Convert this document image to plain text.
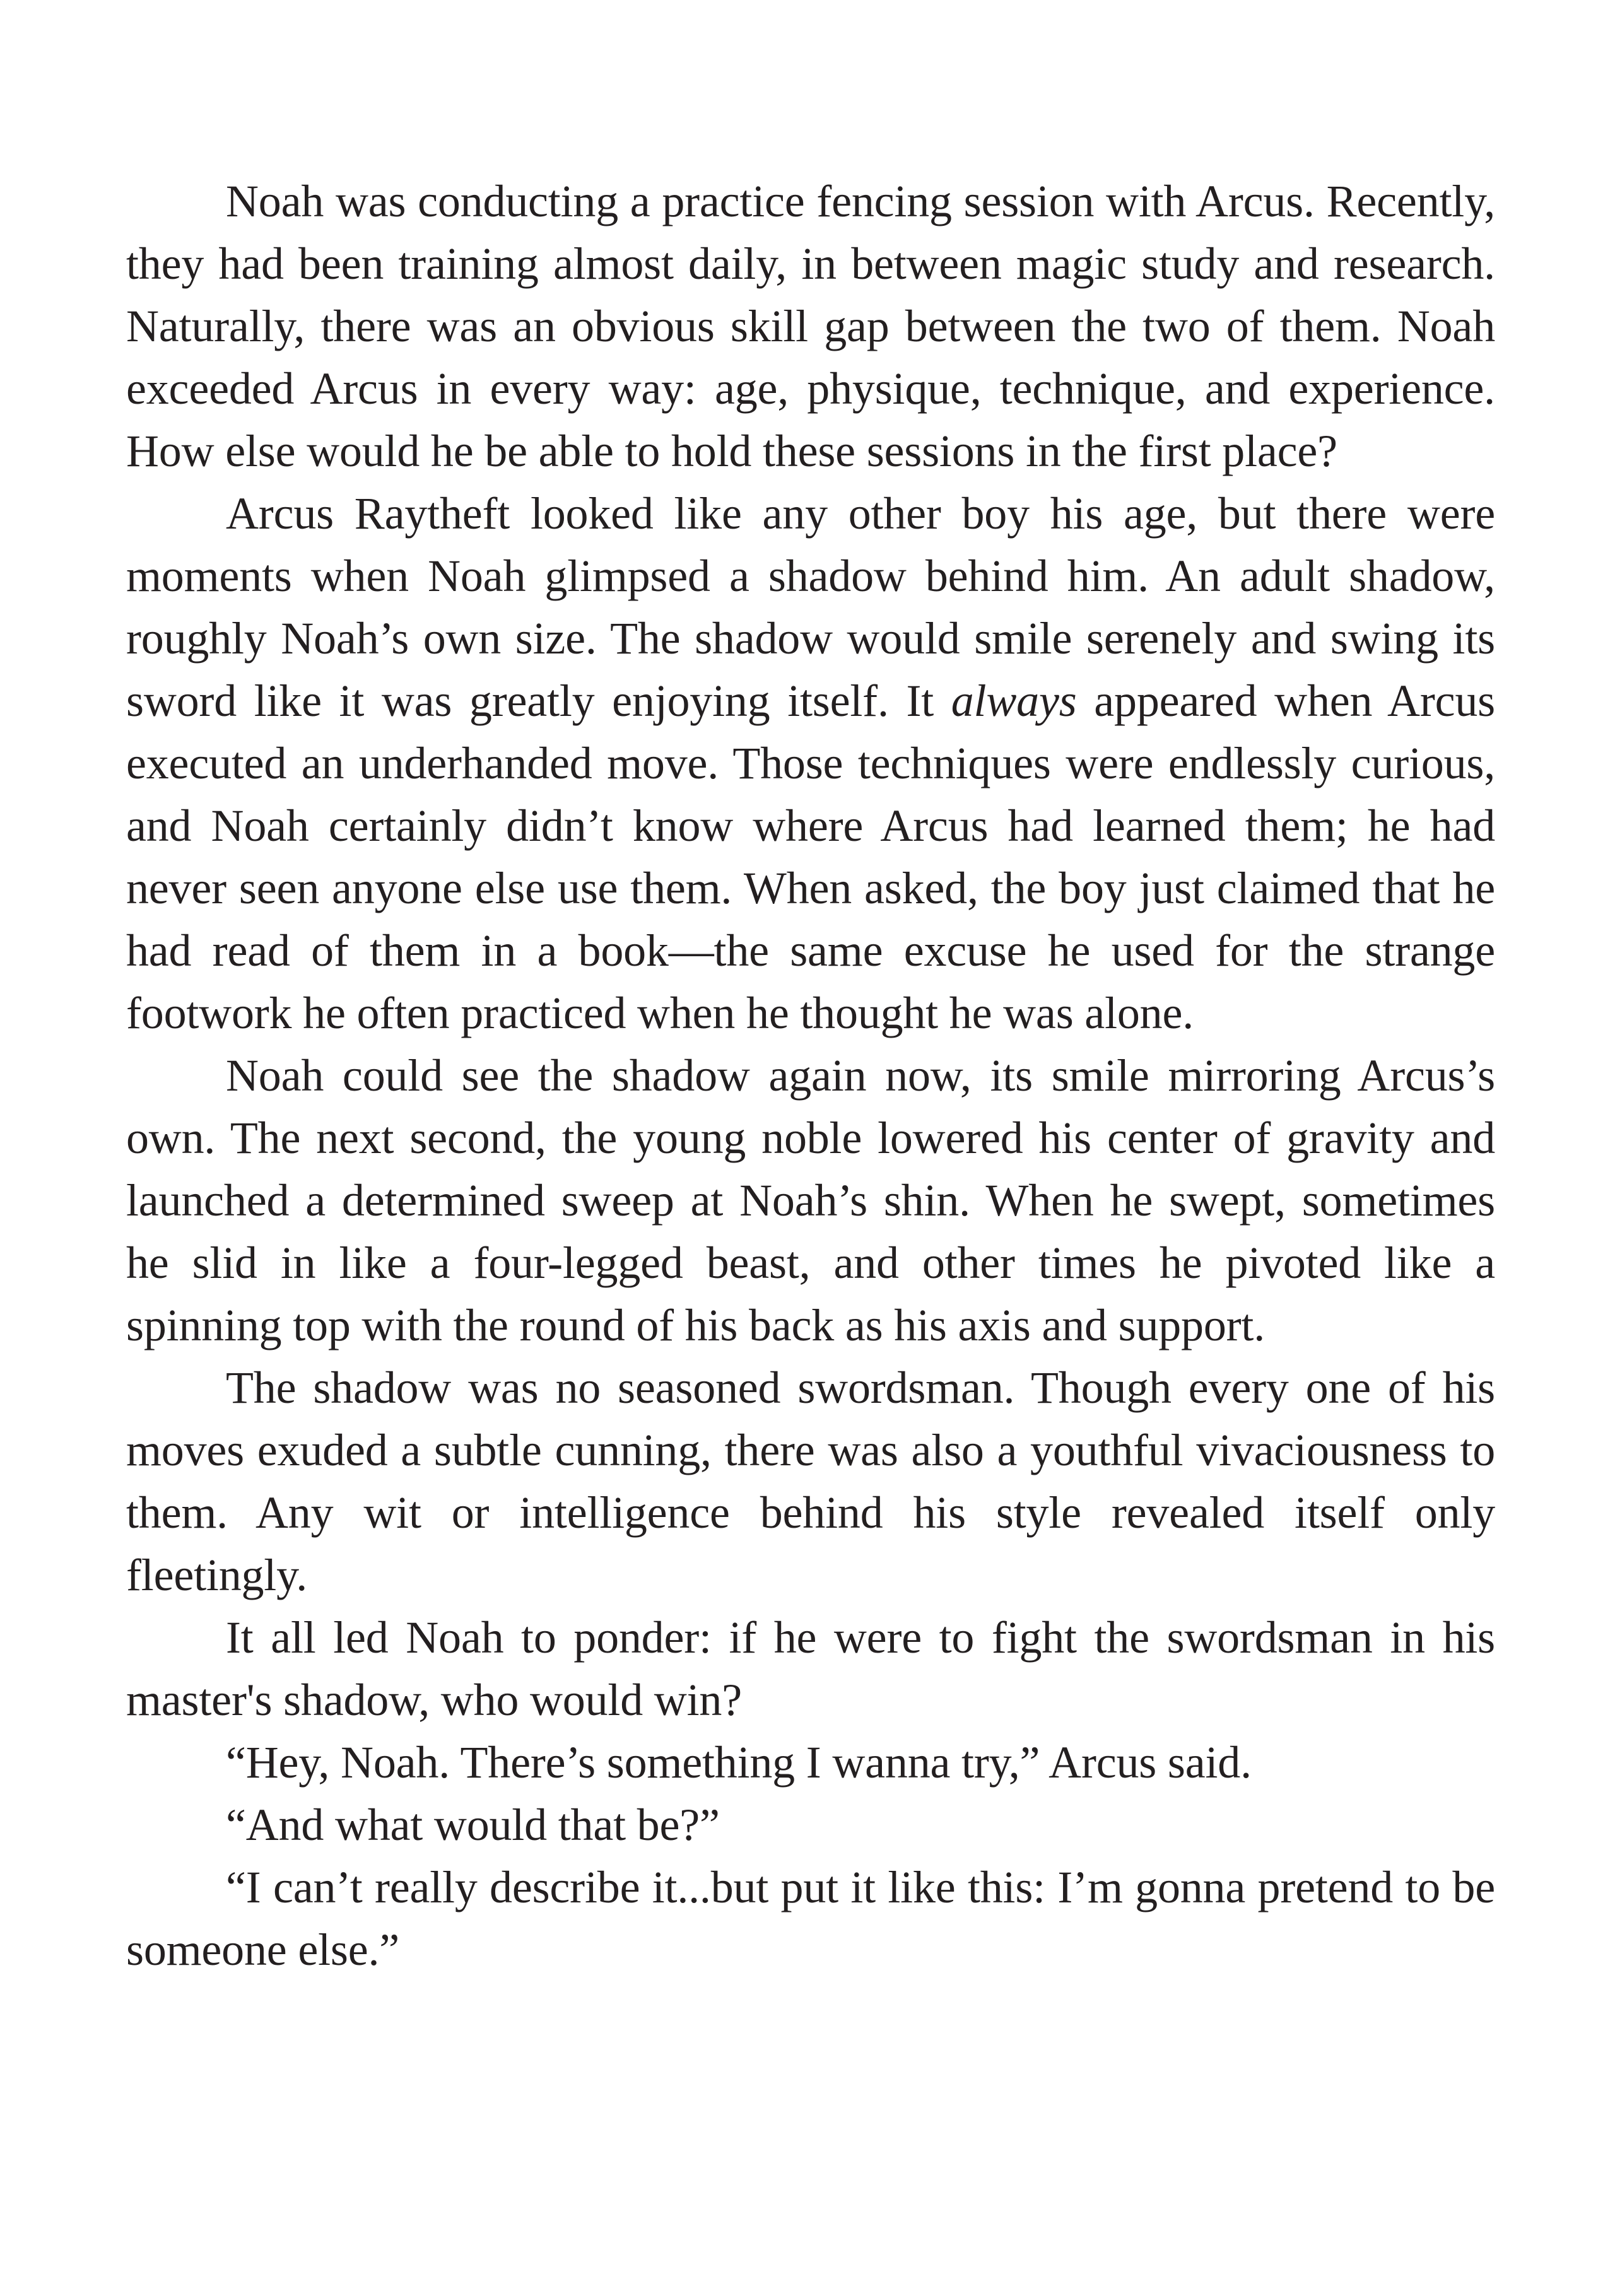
Noah was conducting a practice fencing session with Arcus. Recently, they had been training almost daily, in between magic study and research. Naturally, there was an obvious skill gap between the two of them. Noah exceeded Arcus in every way: age, physique, technique, and experience. How else would he be able to hold these sessions in the first place?

Arcus Raytheft looked like any other boy his age, but there were moments when Noah glimpsed a shadow behind him. An adult shadow, roughly Noah’s own size. The shadow would smile serenely and swing its sword like it was greatly enjoying itself. It always appeared when Arcus executed an underhanded move. Those techniques were endlessly curious, and Noah certainly didn’t know where Arcus had learned them; he had never seen anyone else use them. When asked, the boy just claimed that he had read of them in a book—the same excuse he used for the strange footwork he often practiced when he thought he was alone.

Noah could see the shadow again now, its smile mirroring Arcus’s own. The next second, the young noble lowered his center of gravity and launched a determined sweep at Noah’s shin. When he swept, sometimes he slid in like a four-legged beast, and other times he pivoted like a spinning top with the round of his back as his axis and support.

The shadow was no seasoned swordsman. Though every one of his moves exuded a subtle cunning, there was also a youthful vivaciousness to them. Any wit or intelligence behind his style revealed itself only fleetingly.

It all led Noah to ponder: if he were to fight the swordsman in his master's shadow, who would win?

“Hey, Noah. There’s something I wanna try,” Arcus said.

“And what would that be?”

“I can’t really describe it...but put it like this: I’m gonna pretend to be someone else.”
